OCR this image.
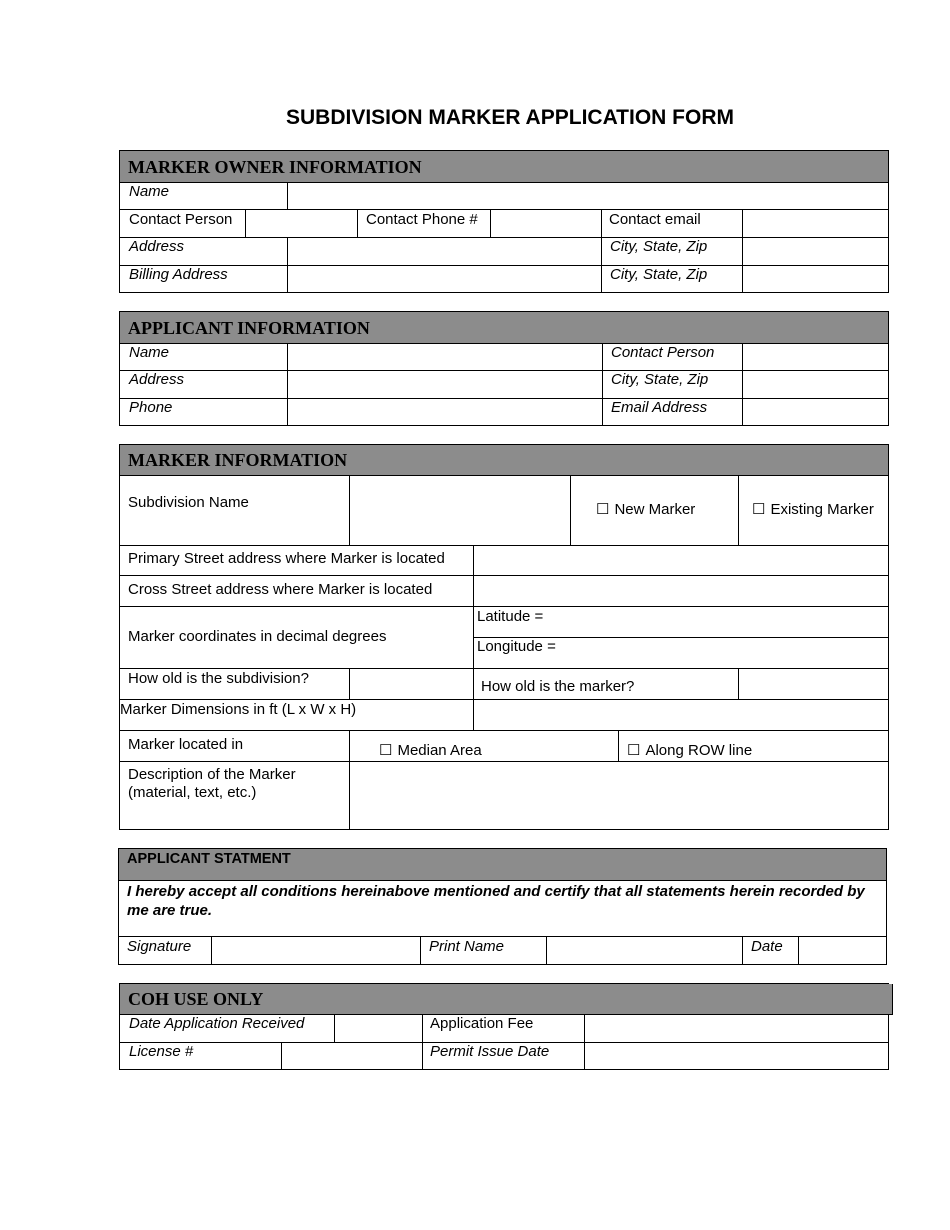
SUBDIVISION MARKER APPLICATION FORM
MARKER OWNER INFORMATION
Name
Contact Person	Contact Phone #	Contact email
Address	City, State, Zip
Billing Address	City, State, Zip
APPLICANT INFORMATION
Name	Contact Person
Address	City, State, Zip
Phone	Email Address
MARKER INFORMATION
Subdivision Name	☐ New Marker	☐ Existing Marker
Primary Street address where Marker is located
Cross Street address where Marker is located
Marker coordinates in decimal degrees
Latitude =
Longitude =
How old is the subdivision?	How old is the marker?
Marker Dimensions in ft (L x W x H)
Marker located in	☐ Median Area	☐ Along ROW line
Description of the Marker
(material, text, etc.)
APPLICANT STATMENT
I hereby accept all conditions hereinabove mentioned and certify that all statements herein recorded by me are true.
Signature	Print Name	Date
COH USE ONLY
Date Application Received	Application Fee
License #	Permit Issue Date
